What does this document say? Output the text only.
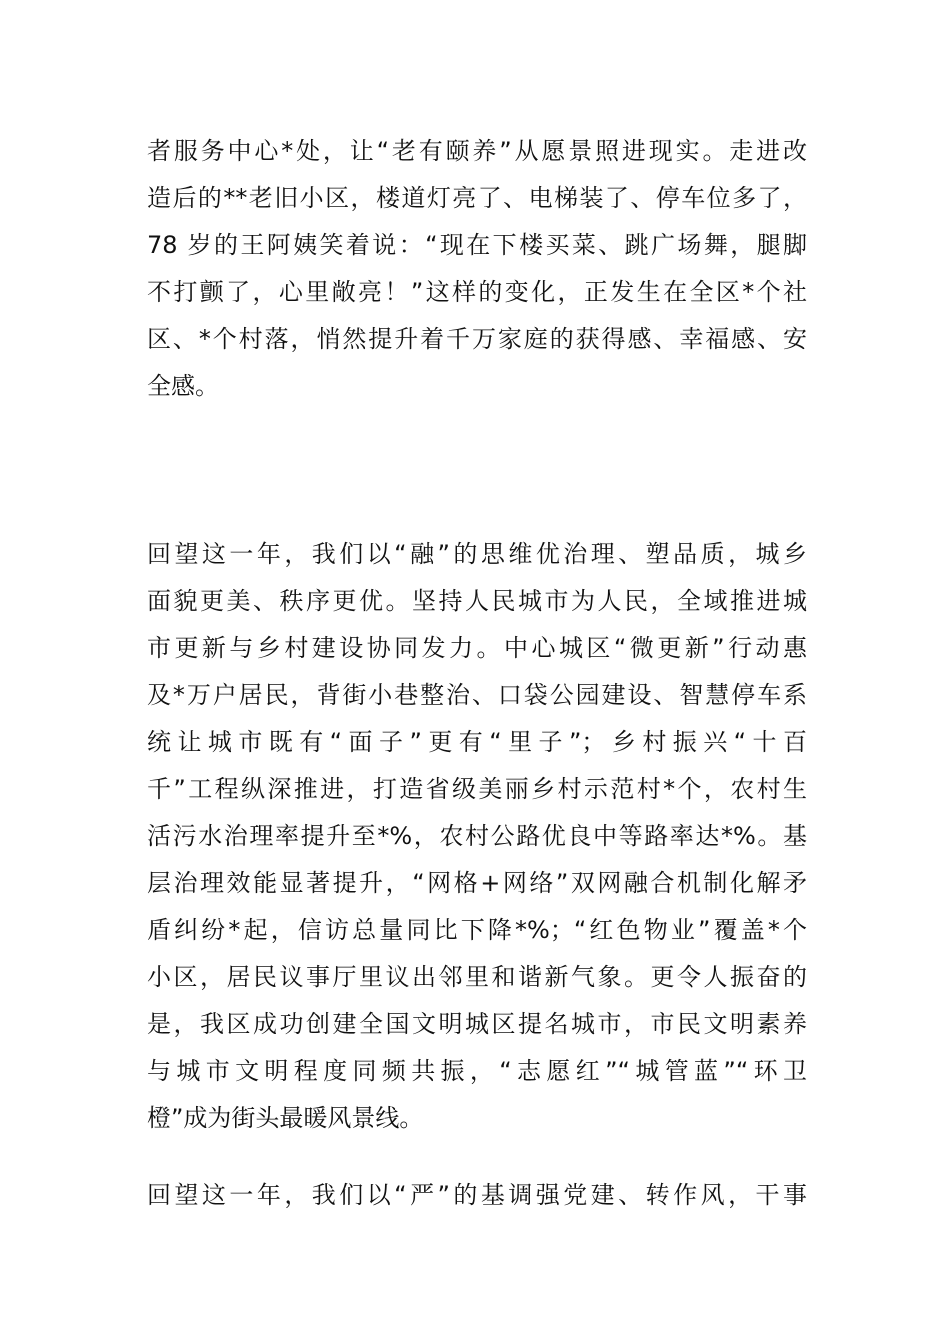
者服务中心*处，让“老有颐养”从愿景照进现实。走进改
造后的**老旧小区，楼道灯亮了、电梯装了、停车位多了，
78 岁的王阿姨笑着说：“现在下楼买菜、跳广场舞，腿脚
不打颤了，心里敞亮！”这样的变化，正发生在全区*个社
区、*个村落，悄然提升着千万家庭的获得感、幸福感、安
全感。
回望这一年，我们以“融”的思维优治理、塑品质，城乡
面貌更美、秩序更优。坚持人民城市为人民，全域推进城
市更新与乡村建设协同发力。中心城区“微更新”行动惠
及*万户居民，背街小巷整治、口袋公园建设、智慧停车系
统让城市既有“面子”更有“里子”；乡村振兴“十百
千”工程纵深推进，打造省级美丽乡村示范村*个，农村生
活污水治理率提升至*%，农村公路优良中等路率达*%。基
层治理效能显著提升，“网格+网络”双网融合机制化解矛
盾纠纷*起，信访总量同比下降*%；“红色物业”覆盖*个
小区，居民议事厅里议出邻里和谐新气象。更令人振奋的
是，我区成功创建全国文明城区提名城市，市民文明素养
与城市文明程度同频共振，“志愿红”“城管蓝”“环卫
橙”成为街头最暖风景线。
回望这一年，我们以“严”的基调强党建、转作风，干事
